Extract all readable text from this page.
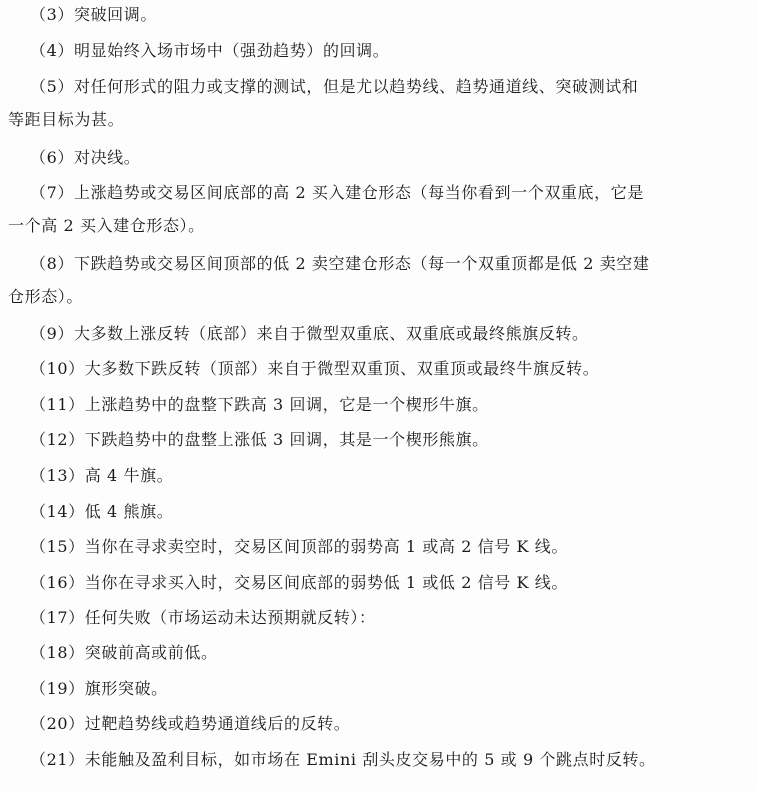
（3）突破回调。
（4）明显始终入场市场中（强劲趋势）的回调。
（5）对任何形式的阻力或支撑的测试，但是尤以趋势线、趋势通道线、突破测试和
等距目标为甚。
（6）对决线。
（7）上涨趋势或交易区间底部的高 2 买入建仓形态（每当你看到一个双重底，它是
一个高 2 买入建仓形态）。
（8）下跌趋势或交易区间顶部的低 2 卖空建仓形态（每一个双重顶都是低 2 卖空建
仓形态）。
（9）大多数上涨反转（底部）来自于微型双重底、双重底或最终熊旗反转。
（10）大多数下跌反转（顶部）来自于微型双重顶、双重顶或最终牛旗反转。
（11）上涨趋势中的盘整下跌高 3 回调，它是一个楔形牛旗。
（12）下跌趋势中的盘整上涨低 3 回调，其是一个楔形熊旗。
（13）高 4 牛旗。
（14）低 4 熊旗。
（15）当你在寻求卖空时，交易区间顶部的弱势高 1 或高 2 信号 K 线。
（16）当你在寻求买入时，交易区间底部的弱势低 1 或低 2 信号 K 线。
（17）任何失败（市场运动未达预期就反转）：
（18）突破前高或前低。
（19）旗形突破。
（20）过靶趋势线或趋势通道线后的反转。
（21）未能触及盈利目标，如市场在 Emini 刮头皮交易中的 5 或 9 个跳点时反转。
